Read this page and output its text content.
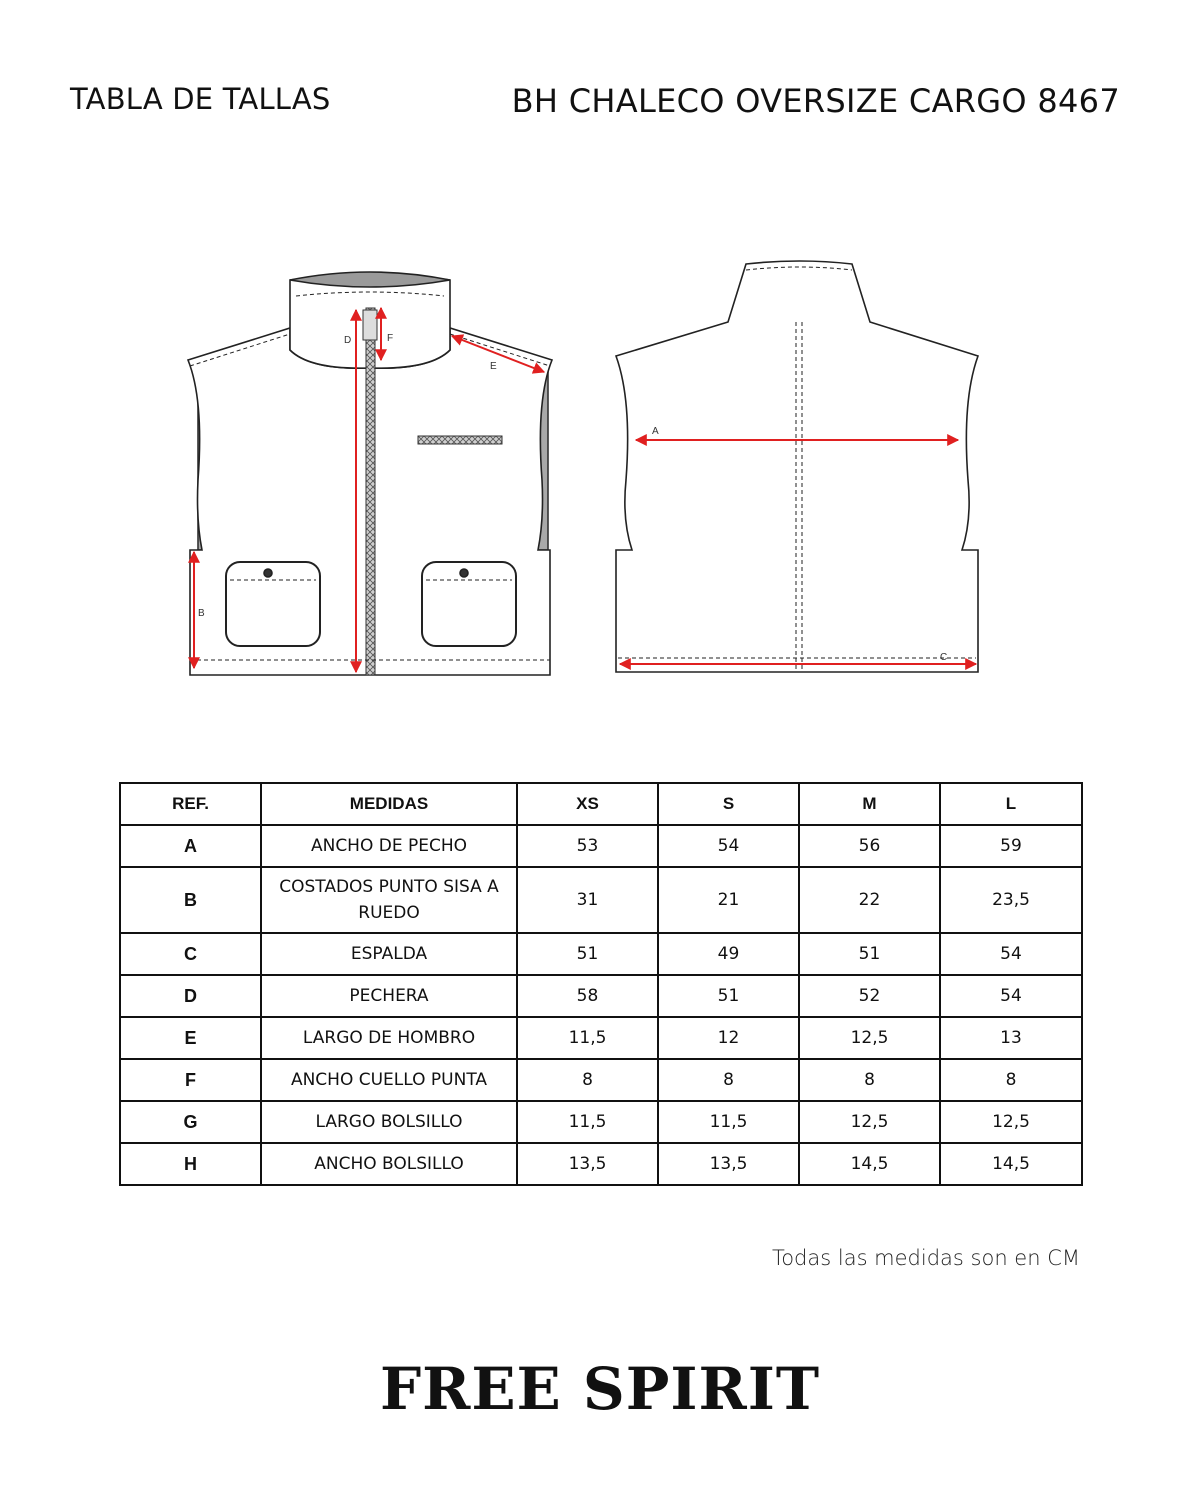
TABLA DE TALLAS	BH CHALECO OVERSIZE CARGO 8467
D	F
E
B
A
C
REF.	MEDIDAS	XS	S	M	L
A	ANCHO DE PECHO	53	54	56	59
B	COSTADOS PUNTO SISA A RUEDO	31	21	22	23,5
C	ESPALDA	51	49	51	54
D	PECHERA	58	51	52	54
E	LARGO DE HOMBRO	11,5	12	12,5	13
F	ANCHO CUELLO PUNTA	8	8	8	8
G	LARGO BOLSILLO	11,5	11,5	12,5	12,5
H	ANCHO BOLSILLO	13,5	13,5	14,5	14,5
Todas las medidas son en CM
FREE SPIRIT
